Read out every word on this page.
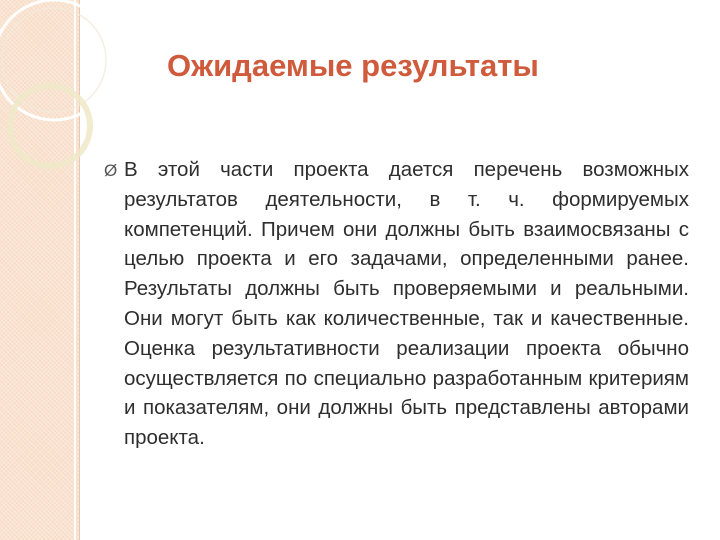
Ожидаемые результаты
Ø В этой части проекта дается перечень возможных результатов деятельности, в т. ч. формируемых компетенций. Причем они должны быть взаимосвязаны с целью проекта и его задачами, определенными ранее. Результаты должны быть проверяемыми и реальными. Они могут быть как количественные, так и качественные. Оценка результативности реализации проекта обычно осуществляется по специально разработанным критериям и показателям, они должны быть представлены авторами проекта.
